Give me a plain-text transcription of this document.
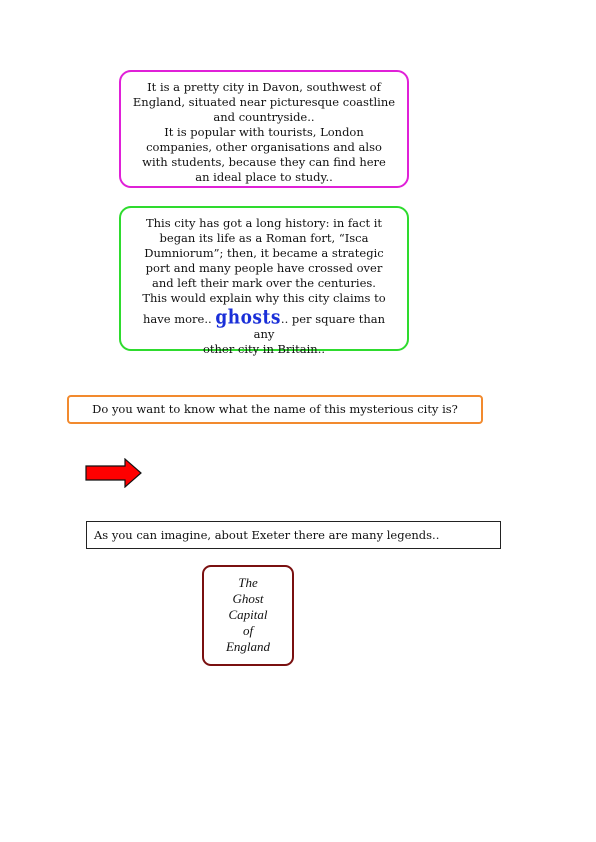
It is a pretty city in Davon, southwest of
England, situated near picturesque coastline
and countryside..
It is popular with tourists, London
companies, other organisations and also
with students, because they can find here
an ideal place to study..
This city has got a long history: in fact it
began its life as a Roman fort, “Isca
Dumniorum”; then, it became a strategic
port and many people have crossed over
and left their mark over the centuries.
This would explain why this city claims to
have more.. ghosts.. per square than any
other city in Britain..
Do you want to know what the name of this mysterious city is?
As you can imagine, about Exeter there are many legends..
The
Ghost
Capital
of
England
